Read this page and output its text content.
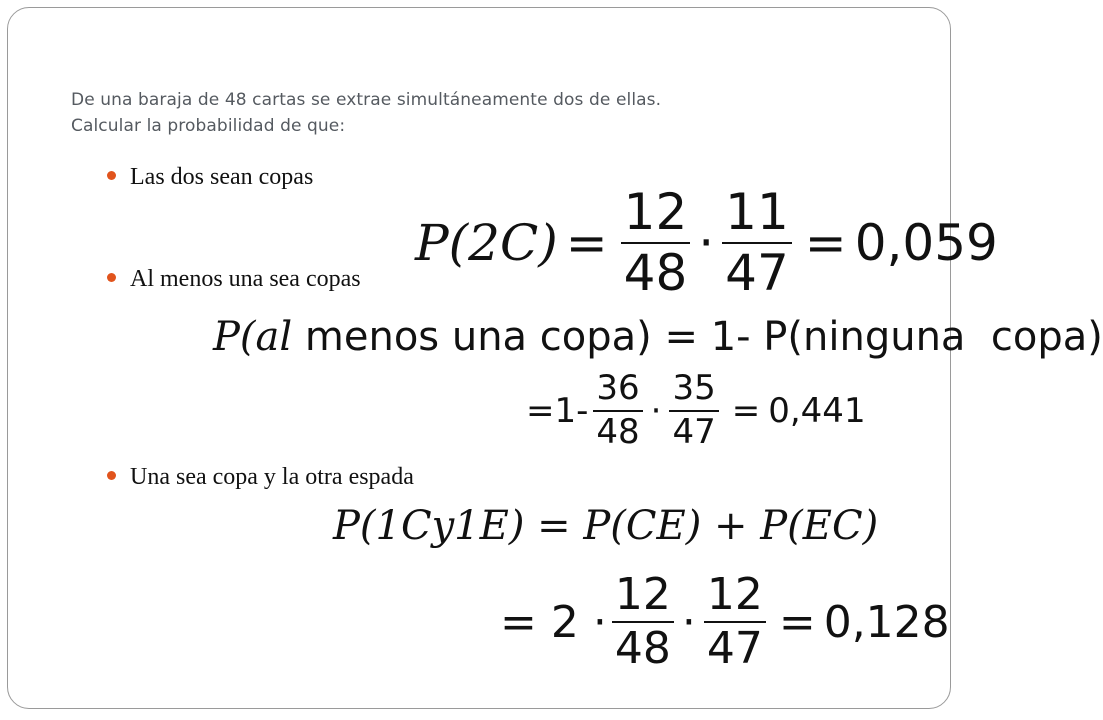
De una baraja de 48 cartas se extrae simultáneamente dos de ellas.
Calcular la probabilidad de que:
Las dos sean copas
$P(2C) = \frac{12}{48} \cdot \frac{11}{47} = 0,059$
Al menos una sea copas
P( al menos una copa) = 1- P(ninguna  copa)
$=1- \frac{36}{48} \cdot \frac{35}{47} = 0,441$
Una sea copa y la otra espada
P(1Cy1E) = P(CE) + P(EC)
= $2 \cdot \frac{12}{48} \cdot \frac{12}{47} = 0,128$
